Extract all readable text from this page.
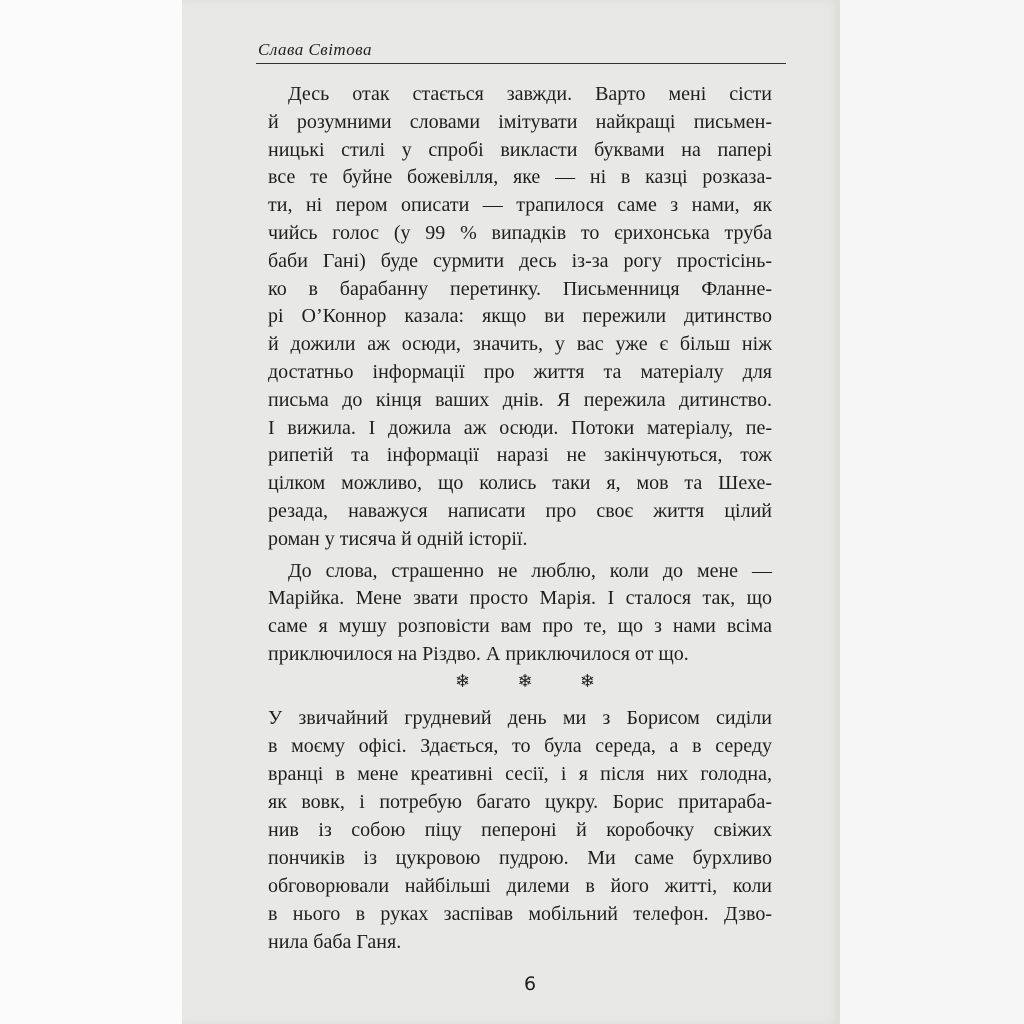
Слава Світова
Десь отак стається завжди. Варто мені сісти
й розумними словами імітувати найкращі письмен-
ницькі стилі у спробі викласти буквами на папері
все те буйне божевілля, яке — ні в казці розказа-
ти, ні пером описати — трапилося саме з нами, як
чийсь голос (у 99 % випадків то єрихонська труба
баби Гані) буде сурмити десь із-за рогу простісінь-
ко в барабанну перетинку. Письменниця Фланне-
рі О’Коннор казала: якщо ви пережили дитинство
й дожили аж осюди, значить, у вас уже є більш ніж
достатньо інформації про життя та матеріалу для
письма до кінця ваших днів. Я пережила дитинство.
І вижила. І дожила аж осюди. Потоки матеріалу, пе-
рипетій та інформації наразі не закінчуються, тож
цілком можливо, що колись таки я, мов та Шехе-
резада, наважуся написати про своє життя цілий
роман у тисяча й одній історії.
До слова, страшенно не люблю, коли до мене —
Марійка. Мене звати просто Марія. І сталося так, що
саме я мушу розповісти вам про те, що з нами всіма
приключилося на Різдво. А приключилося от що.
❄	❄	❄
У звичайний грудневий день ми з Борисом сиділи
в моєму офісі. Здається, то була середа, а в середу
вранці в мене креативні сесії, і я після них голодна,
як вовк, і потребую багато цукру. Борис притараба-
нив із собою піцу пепероні й коробочку свіжих
пончиків із цукровою пудрою. Ми саме бурхливо
обговорювали найбільші дилеми в його житті, коли
в нього в руках заспівав мобільний телефон. Дзво-
нила баба Ганя.
6
